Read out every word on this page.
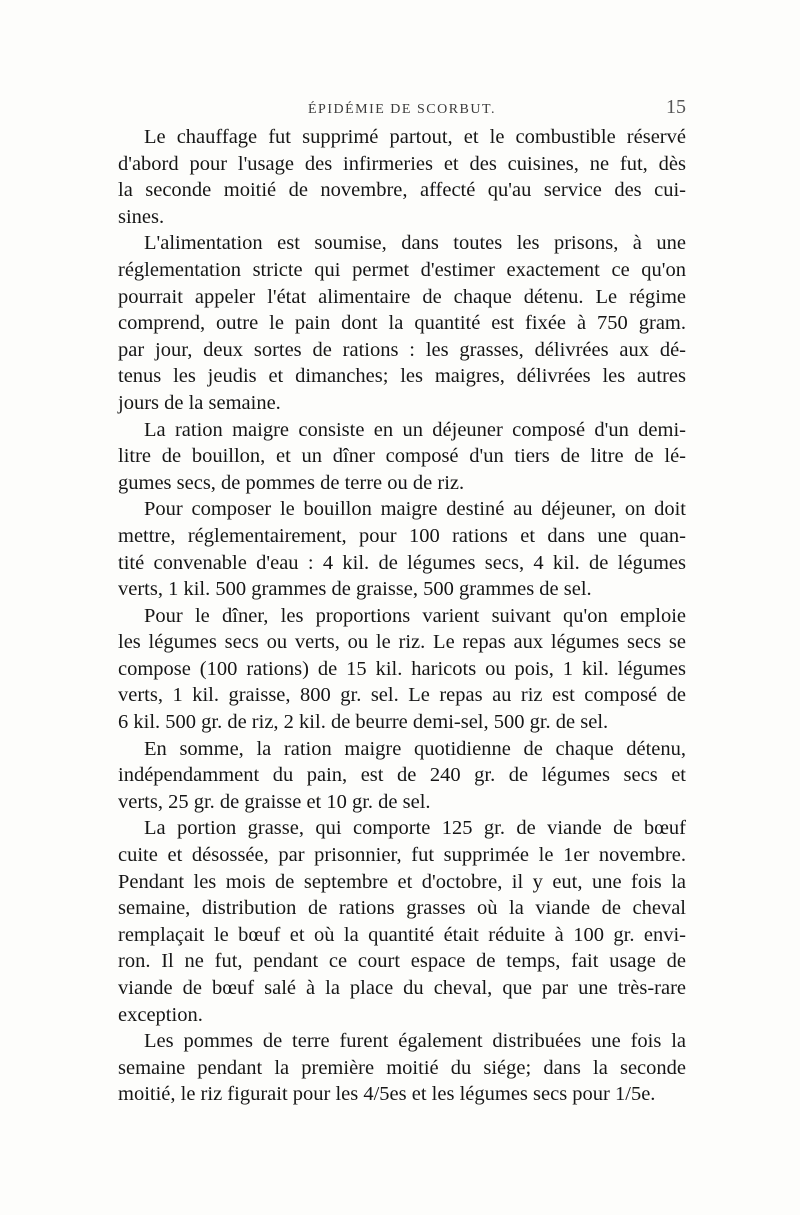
ÉPIDÉMIE DE SCORBUT.	15
Le chauffage fut supprimé partout, et le combustible réservé
d'abord pour l'usage des infirmeries et des cuisines, ne fut, dès
la seconde moitié de novembre, affecté qu'au service des cui-
sines.
L'alimentation est soumise, dans toutes les prisons, à une
réglementation stricte qui permet d'estimer exactement ce qu'on
pourrait appeler l'état alimentaire de chaque détenu. Le régime
comprend, outre le pain dont la quantité est fixée à 750 gram.
par jour, deux sortes de rations : les grasses, délivrées aux dé-
tenus les jeudis et dimanches; les maigres, délivrées les autres
jours de la semaine.
La ration maigre consiste en un déjeuner composé d'un demi-
litre de bouillon, et un dîner composé d'un tiers de litre de lé-
gumes secs, de pommes de terre ou de riz.
Pour composer le bouillon maigre destiné au déjeuner, on doit
mettre, réglementairement, pour 100 rations et dans une quan-
tité convenable d'eau : 4 kil. de légumes secs, 4 kil. de légumes
verts, 1 kil. 500 grammes de graisse, 500 grammes de sel.
Pour le dîner, les proportions varient suivant qu'on emploie
les légumes secs ou verts, ou le riz. Le repas aux légumes secs se
compose (100 rations) de 15 kil. haricots ou pois, 1 kil. légumes
verts, 1 kil. graisse, 800 gr. sel. Le repas au riz est composé de
6 kil. 500 gr. de riz, 2 kil. de beurre demi-sel, 500 gr. de sel.
En somme, la ration maigre quotidienne de chaque détenu,
indépendamment du pain, est de 240 gr. de légumes secs et
verts, 25 gr. de graisse et 10 gr. de sel.
La portion grasse, qui comporte 125 gr. de viande de bœuf
cuite et désossée, par prisonnier, fut supprimée le 1er novembre.
Pendant les mois de septembre et d'octobre, il y eut, une fois la
semaine, distribution de rations grasses où la viande de cheval
remplaçait le bœuf et où la quantité était réduite à 100 gr. envi-
ron. Il ne fut, pendant ce court espace de temps, fait usage de
viande de bœuf salé à la place du cheval, que par une très-rare
exception.
Les pommes de terre furent également distribuées une fois la
semaine pendant la première moitié du siége; dans la seconde
moitié, le riz figurait pour les 4/5es et les légumes secs pour 1/5e.
